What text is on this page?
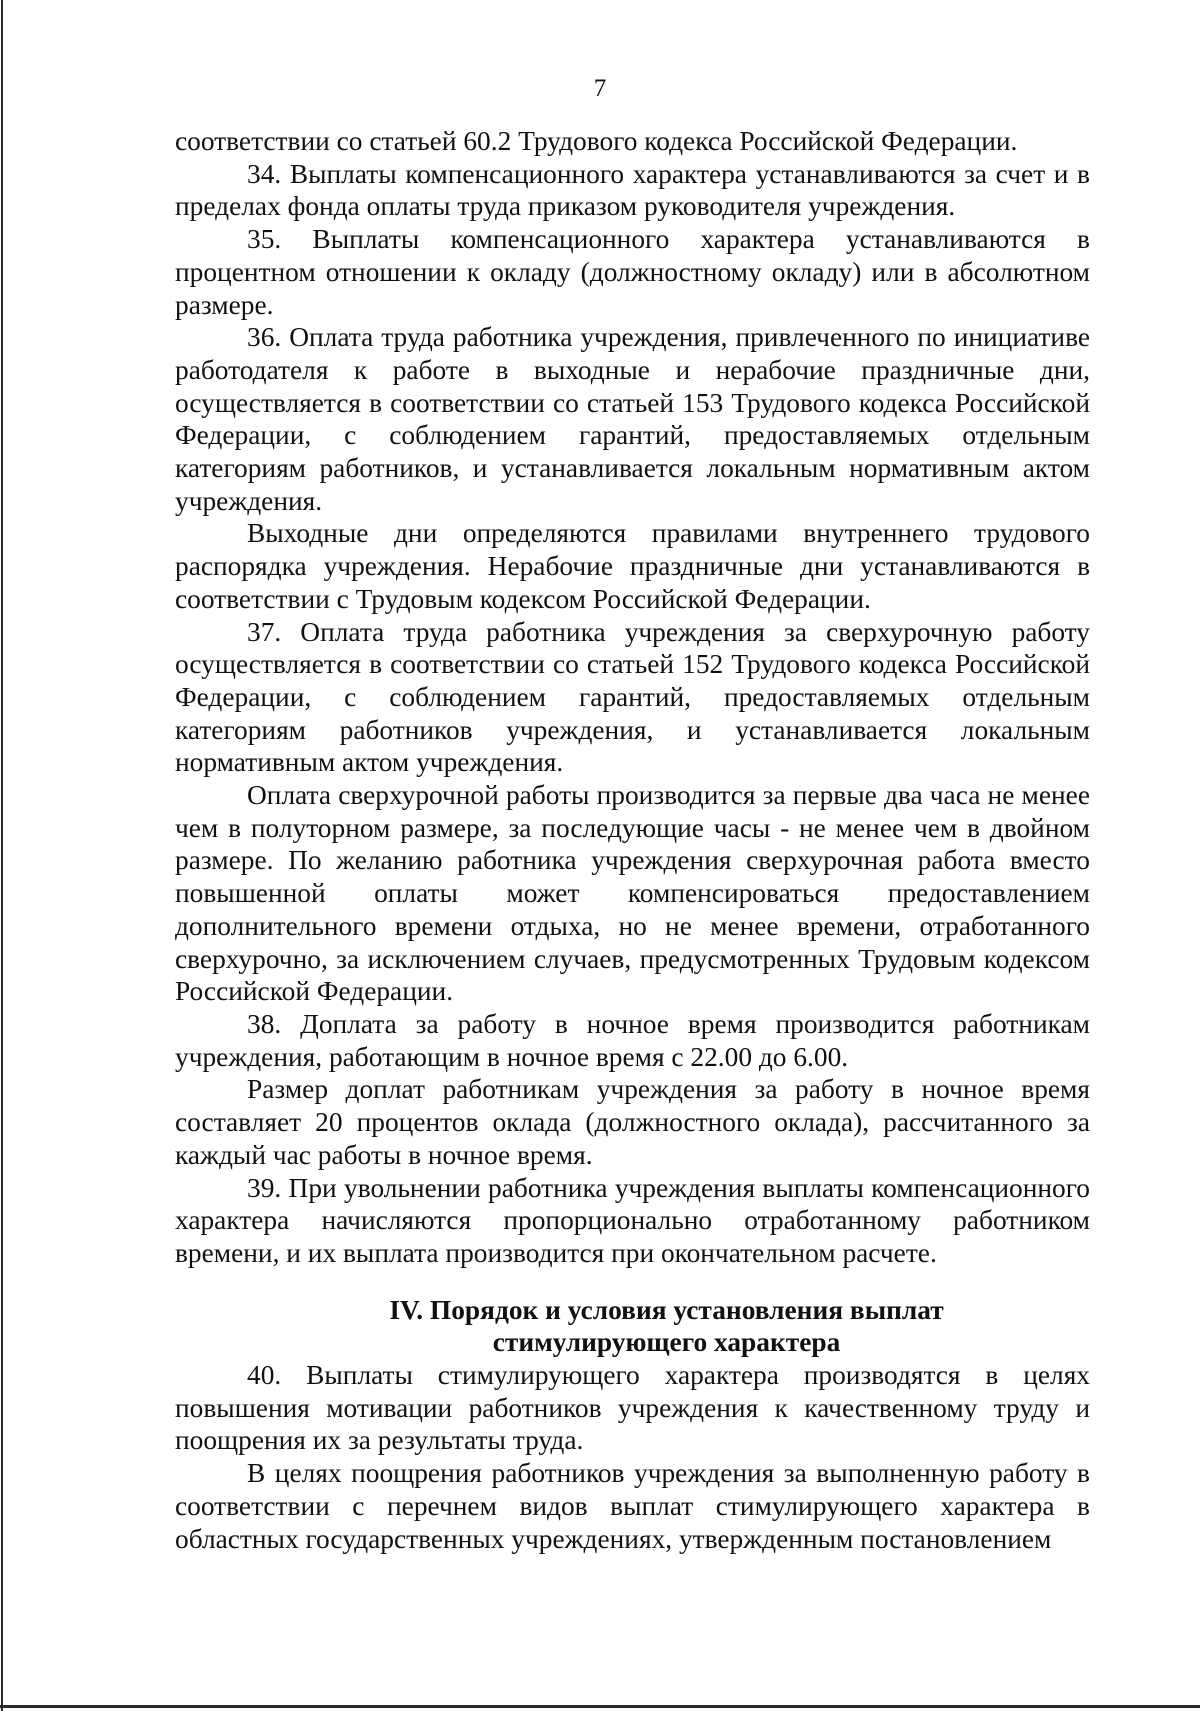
7

соответствии со статьей 60.2 Трудового кодекса Российской Федерации.

34. Выплаты компенсационного характера устанавливаются за счет и в пределах фонда оплаты труда приказом руководителя учреждения.

35. Выплаты компенсационного характера устанавливаются в процентном отношении к окладу (должностному окладу) или в абсолютном размере.

36. Оплата труда работника учреждения, привлеченного по инициативе работодателя к работе в выходные и нерабочие праздничные дни, осуществляется в соответствии со статьей 153 Трудового кодекса Российской Федерации, с соблюдением гарантий, предоставляемых отдельным категориям работников, и устанавливается локальным нормативным актом учреждения.

Выходные дни определяются правилами внутреннего трудового распорядка учреждения. Нерабочие праздничные дни устанавливаются в соответствии с Трудовым кодексом Российской Федерации.

37. Оплата труда работника учреждения за сверхурочную работу осуществляется в соответствии со статьей 152 Трудового кодекса Российской Федерации, с соблюдением гарантий, предоставляемых отдельным категориям работников учреждения, и устанавливается локальным нормативным актом учреждения.

Оплата сверхурочной работы производится за первые два часа не менее чем в полуторном размере, за последующие часы - не менее чем в двойном размере. По желанию работника учреждения сверхурочная работа вместо повышенной оплаты может компенсироваться предоставлением дополнительного времени отдыха, но не менее времени, отработанного сверхурочно, за исключением случаев, предусмотренных Трудовым кодексом Российской Федерации.

38. Доплата за работу в ночное время производится работникам учреждения, работающим в ночное время с 22.00 до 6.00.

Размер доплат работникам учреждения за работу в ночное время составляет 20 процентов оклада (должностного оклада), рассчитанного за каждый час работы в ночное время.

39. При увольнении работника учреждения выплаты компенсационного характера начисляются пропорционально отработанному работником времени, и их выплата производится при окончательном расчете.

IV. Порядок и условия установления выплат
стимулирующего характера

40. Выплаты стимулирующего характера производятся в целях повышения мотивации работников учреждения к качественному труду и поощрения их за результаты труда.

В целях поощрения работников учреждения за выполненную работу в соответствии с перечнем видов выплат стимулирующего характера в областных государственных учреждениях, утвержденным постановлением
